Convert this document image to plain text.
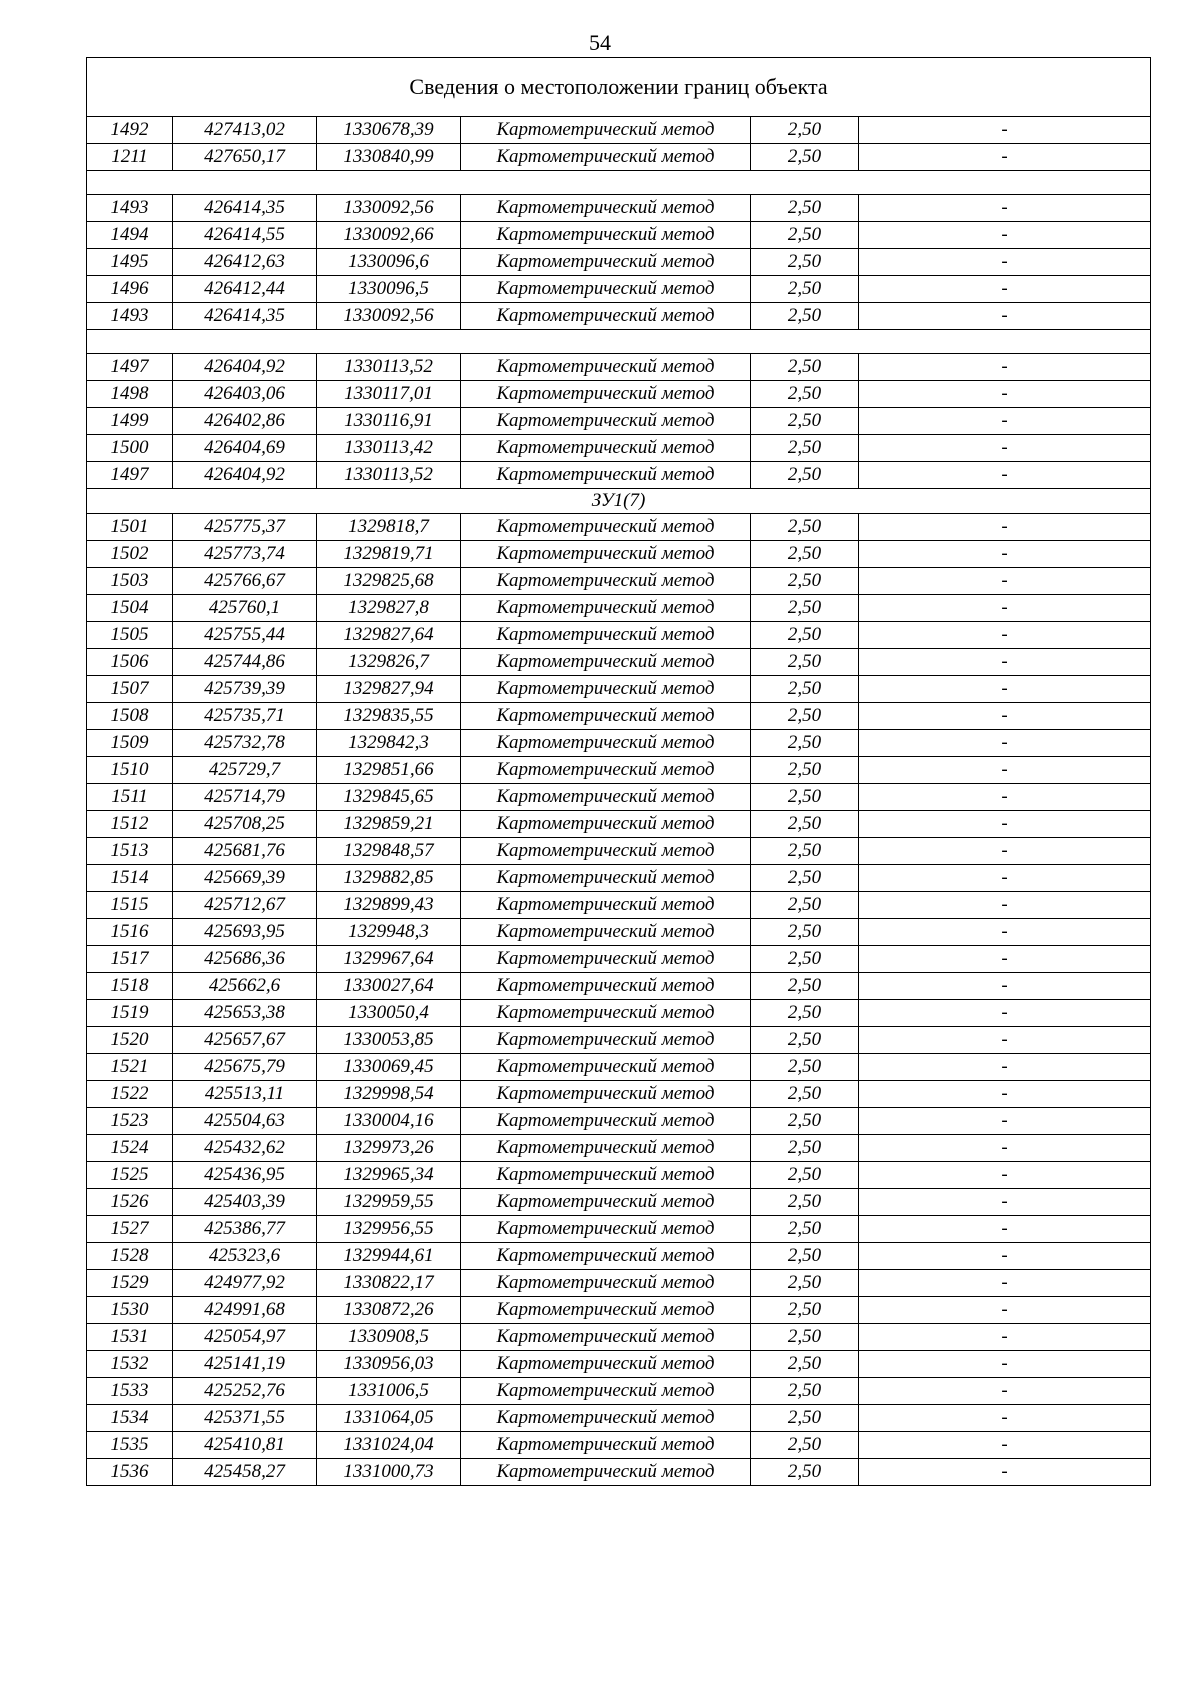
54
Сведения о местоположении границ объекта					
1492	427413,02	1330678,39	Картометрический метод	2,50	-
1211	427650,17	1330840,99	Картометрический метод	2,50	-

1493	426414,35	1330092,56	Картометрический метод	2,50	-
1494	426414,55	1330092,66	Картометрический метод	2,50	-
1495	426412,63	1330096,6	Картометрический метод	2,50	-
1496	426412,44	1330096,5	Картометрический метод	2,50	-
1493	426414,35	1330092,56	Картометрический метод	2,50	-

1497	426404,92	1330113,52	Картометрический метод	2,50	-
1498	426403,06	1330117,01	Картометрический метод	2,50	-
1499	426402,86	1330116,91	Картометрический метод	2,50	-
1500	426404,69	1330113,42	Картометрический метод	2,50	-
1497	426404,92	1330113,52	Картометрический метод	2,50	-
ЗУ1(7)					
1501	425775,37	1329818,7	Картометрический метод	2,50	-
1502	425773,74	1329819,71	Картометрический метод	2,50	-
1503	425766,67	1329825,68	Картометрический метод	2,50	-
1504	425760,1	1329827,8	Картометрический метод	2,50	-
1505	425755,44	1329827,64	Картометрический метод	2,50	-
1506	425744,86	1329826,7	Картометрический метод	2,50	-
1507	425739,39	1329827,94	Картометрический метод	2,50	-
1508	425735,71	1329835,55	Картометрический метод	2,50	-
1509	425732,78	1329842,3	Картометрический метод	2,50	-
1510	425729,7	1329851,66	Картометрический метод	2,50	-
1511	425714,79	1329845,65	Картометрический метод	2,50	-
1512	425708,25	1329859,21	Картометрический метод	2,50	-
1513	425681,76	1329848,57	Картометрический метод	2,50	-
1514	425669,39	1329882,85	Картометрический метод	2,50	-
1515	425712,67	1329899,43	Картометрический метод	2,50	-
1516	425693,95	1329948,3	Картометрический метод	2,50	-
1517	425686,36	1329967,64	Картометрический метод	2,50	-
1518	425662,6	1330027,64	Картометрический метод	2,50	-
1519	425653,38	1330050,4	Картометрический метод	2,50	-
1520	425657,67	1330053,85	Картометрический метод	2,50	-
1521	425675,79	1330069,45	Картометрический метод	2,50	-
1522	425513,11	1329998,54	Картометрический метод	2,50	-
1523	425504,63	1330004,16	Картометрический метод	2,50	-
1524	425432,62	1329973,26	Картометрический метод	2,50	-
1525	425436,95	1329965,34	Картометрический метод	2,50	-
1526	425403,39	1329959,55	Картометрический метод	2,50	-
1527	425386,77	1329956,55	Картометрический метод	2,50	-
1528	425323,6	1329944,61	Картометрический метод	2,50	-
1529	424977,92	1330822,17	Картометрический метод	2,50	-
1530	424991,68	1330872,26	Картометрический метод	2,50	-
1531	425054,97	1330908,5	Картометрический метод	2,50	-
1532	425141,19	1330956,03	Картометрический метод	2,50	-
1533	425252,76	1331006,5	Картометрический метод	2,50	-
1534	425371,55	1331064,05	Картометрический метод	2,50	-
1535	425410,81	1331024,04	Картометрический метод	2,50	-
1536	425458,27	1331000,73	Картометрический метод	2,50	-
